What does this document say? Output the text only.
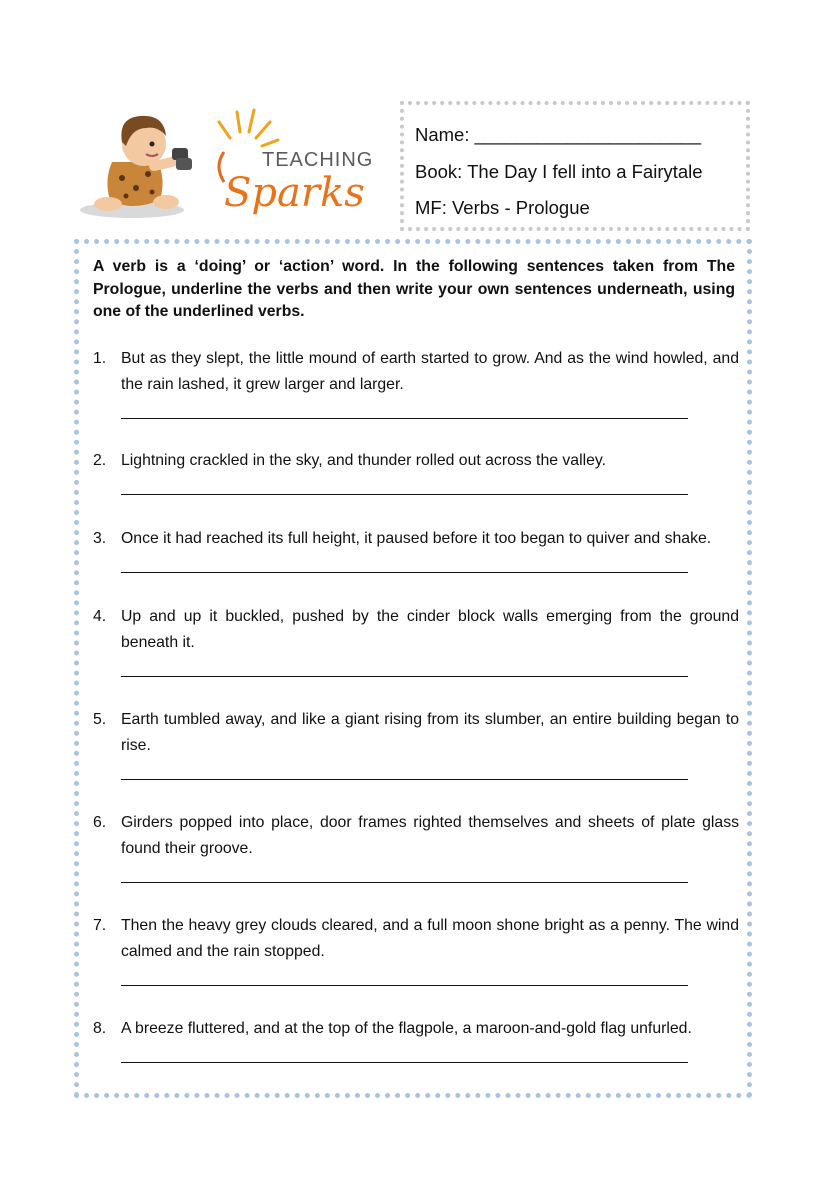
TEACHING
Sparks
Name: ______________________
Book: The Day I fell into a Fairytale
MF: Verbs - Prologue

A verb is a ‘doing’ or ‘action’ word. In the following sentences taken from The Prologue, underline the verbs and then write your own sentences underneath, using one of the underlined verbs.

1. But as they slept, the little mound of earth started to grow. And as the wind howled, and the rain lashed, it grew larger and larger.
__________________________________________________________________
2. Lightning crackled in the sky, and thunder rolled out across the valley.
__________________________________________________________________
3. Once it had reached its full height, it paused before it too began to quiver and shake.
__________________________________________________________________
4. Up and up it buckled, pushed by the cinder block walls emerging from the ground beneath it.
__________________________________________________________________
5. Earth tumbled away, and like a giant rising from its slumber, an entire building began to rise.
__________________________________________________________________
6. Girders popped into place, door frames righted themselves and sheets of plate glass found their groove.
__________________________________________________________________
7. Then the heavy grey clouds cleared, and a full moon shone bright as a penny. The wind calmed and the rain stopped.
__________________________________________________________________
8. A breeze fluttered, and at the top of the flagpole, a maroon-and-gold flag unfurled.
__________________________________________________________________
